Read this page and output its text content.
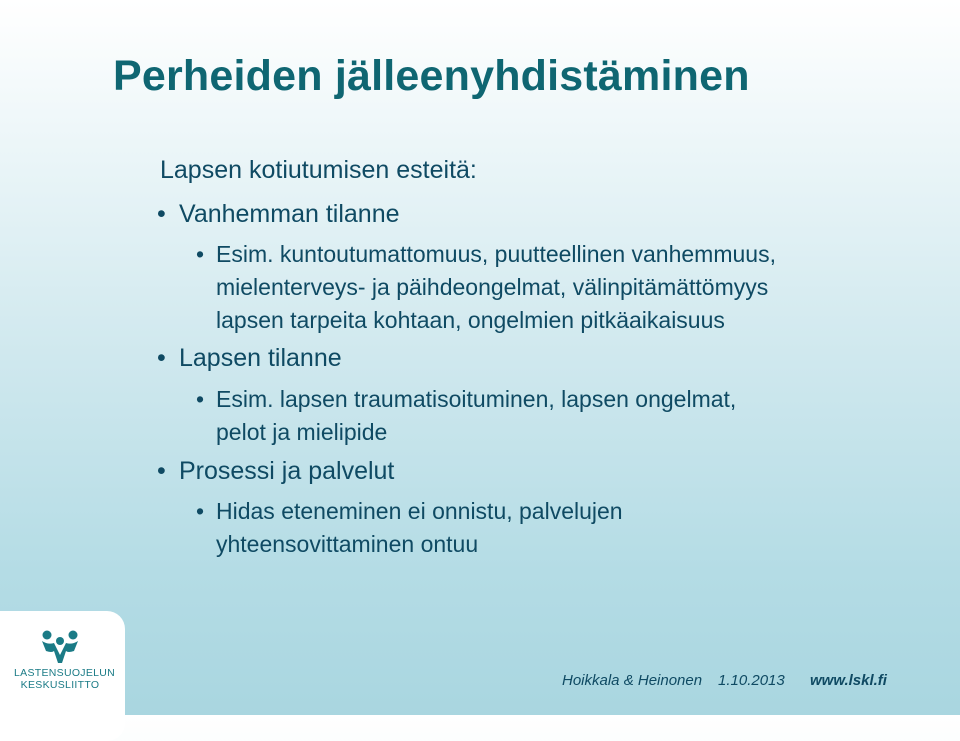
Perheiden jälleenyhdistäminen
Lapsen kotiutumisen esteitä:
• Vanhemman tilanne
• Esim. kuntoutumattomuus, puutteellinen vanhemmuus,
mielenterveys- ja päihdeongelmat, välinpitämättömyys
lapsen tarpeita kohtaan, ongelmien pitkäaikaisuus
• Lapsen tilanne
• Esim. lapsen traumatisoituminen, lapsen ongelmat,
pelot ja mielipide
• Prosessi ja palvelut
• Hidas eteneminen ei onnistu, palvelujen
yhteensovittaminen ontuu
LASTENSUOJELUN
KESKUSLIITTO	Hoikkala & Heinonen 1.10.2013 www.lskl.fi
